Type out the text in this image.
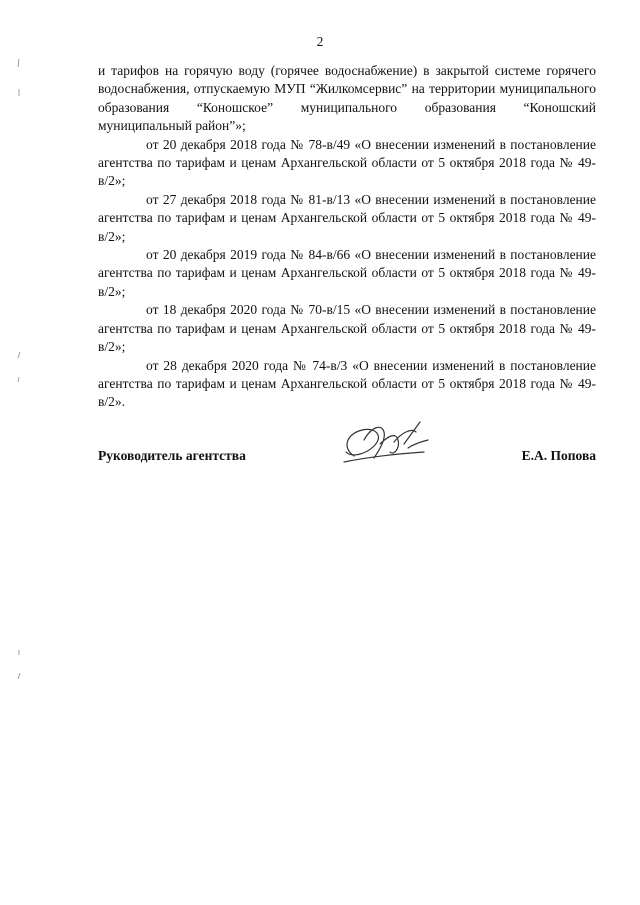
2

и тарифов на горячую воду (горячее водоснабжение) в закрытой системе горячего водоснабжения, отпускаемую МУП “Жилкомсервис” на территории муниципального образования “Коношское” муниципального образования “Коношский муниципальный район”»;

от 20 декабря 2018 года № 78-в/49 «О внесении изменений в постановление агентства по тарифам и ценам Архангельской области от 5 октября 2018 года № 49-в/2»;

от 27 декабря 2018 года № 81-в/13 «О внесении изменений в постановление агентства по тарифам и ценам Архангельской области от 5 октября 2018 года № 49-в/2»;

от 20 декабря 2019 года № 84-в/66 «О внесении изменений в постановление агентства по тарифам и ценам Архангельской области от 5 октября 2018 года № 49-в/2»;

от 18 декабря 2020 года № 70-в/15 «О внесении изменений в постановление агентства по тарифам и ценам Архангельской области от 5 октября 2018 года № 49-в/2»;

от 28 декабря 2020 года № 74-в/3 «О внесении изменений в постановление агентства по тарифам и ценам Архангельской области от 5 октября 2018 года № 49-в/2».

Руководитель агентства	Е.А. Попова
